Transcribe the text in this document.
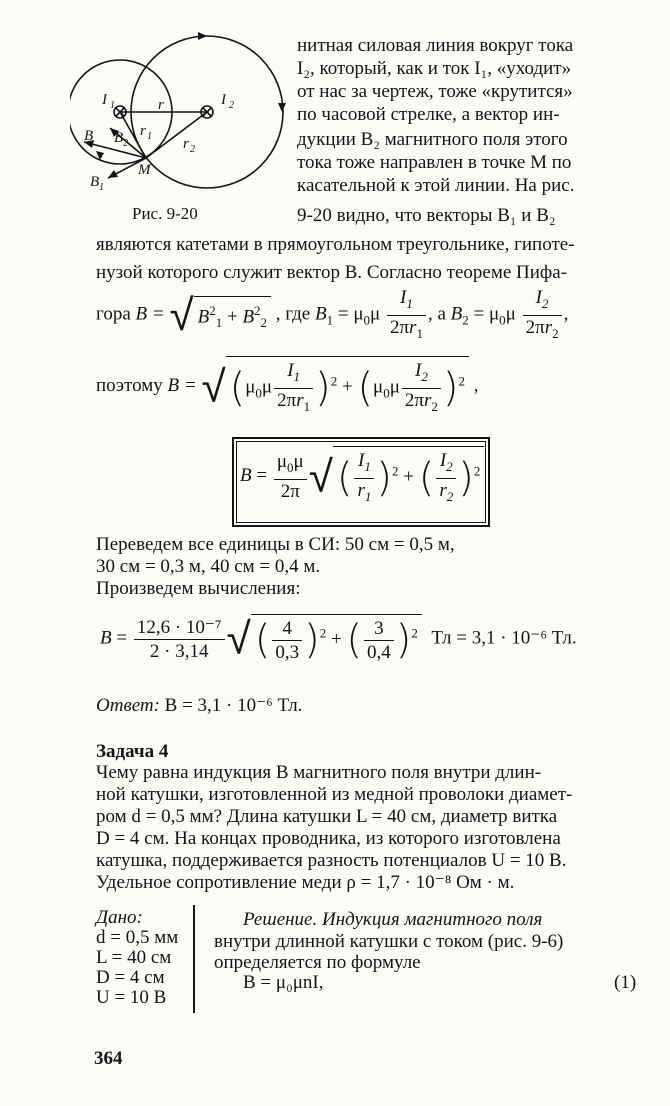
I 1	I 2
r
r 1 r 2
M
B B 2
B 1
Рис. 9-20
нитная силовая линия вокруг тока
I₂, который, как и ток I₁, «уходит»
от нас за чертеж, тоже «крутится»
по часовой стрелке, а вектор ин-
дукции B₂ магнитного поля этого
тока тоже направлен в точке М по
касательной к этой линии. На рис.
9-20 видно, что векторы B₁ и B₂
являются катетами в прямоугольном треугольнике, гипоте-
нузой которого служит вектор B. Согласно теореме Пифа-
гора B = √ $B^2_1 + B^2_2$ , где $B_1 = \mu_0\mu \frac{I_1}{2\pi r_1}$ , а $B_2 = \mu_0\mu \frac{I_2}{2\pi r_2}$ ,
поэтому B = √ $(\mu_0\mu \frac{I_1}{2\pi r_1} )^2 + (\mu_0\mu \frac{I_2}{2\pi r_2} )^2$ ,
$B = \frac{\mu_0\mu}{2\pi}$ √ ( $\frac{I_1}{r_1} )^2$ + ( $\frac{I_2}{r_2} )^2$
Переведем все единицы в СИ: 50 см = 0,5 м,
30 см = 0,3 м, 40 см = 0,4 м.
Произведем вычисления:
$B = \frac{\text{12,6 · 10⁻⁷}}{2 \cdot 3,14}$ √ ( $\frac{4}{0,3} )^2$ + ( $\frac{3}{0,4} )^2$ Тл = 3,1 · 10⁻⁶ Тл.
Ответ: B = 3,1 · 10⁻⁶ Тл.
Задача 4
Чему равна индукция B магнитного поля внутри длин-
ной катушки, изготовленной из медной проволоки диамет-
ром d = 0,5 мм? Длина катушки L = 40 см, диаметр витка
D = 4 см. На концах проводника, из которого изготовлена
катушка, поддерживается разность потенциалов U = 10 В.
Удельное сопротивление меди ρ = 1,7 · 10⁻⁸ Ом · м.
Дано:
d = 0,5 мм
L = 40 см
D = 4 см
U = 10 В
Решение. Индукция магнитного поля
внутри длинной катушки с током (рис. 9-6)
определяется по формуле
B = μ₀μnI,	(1)
364
